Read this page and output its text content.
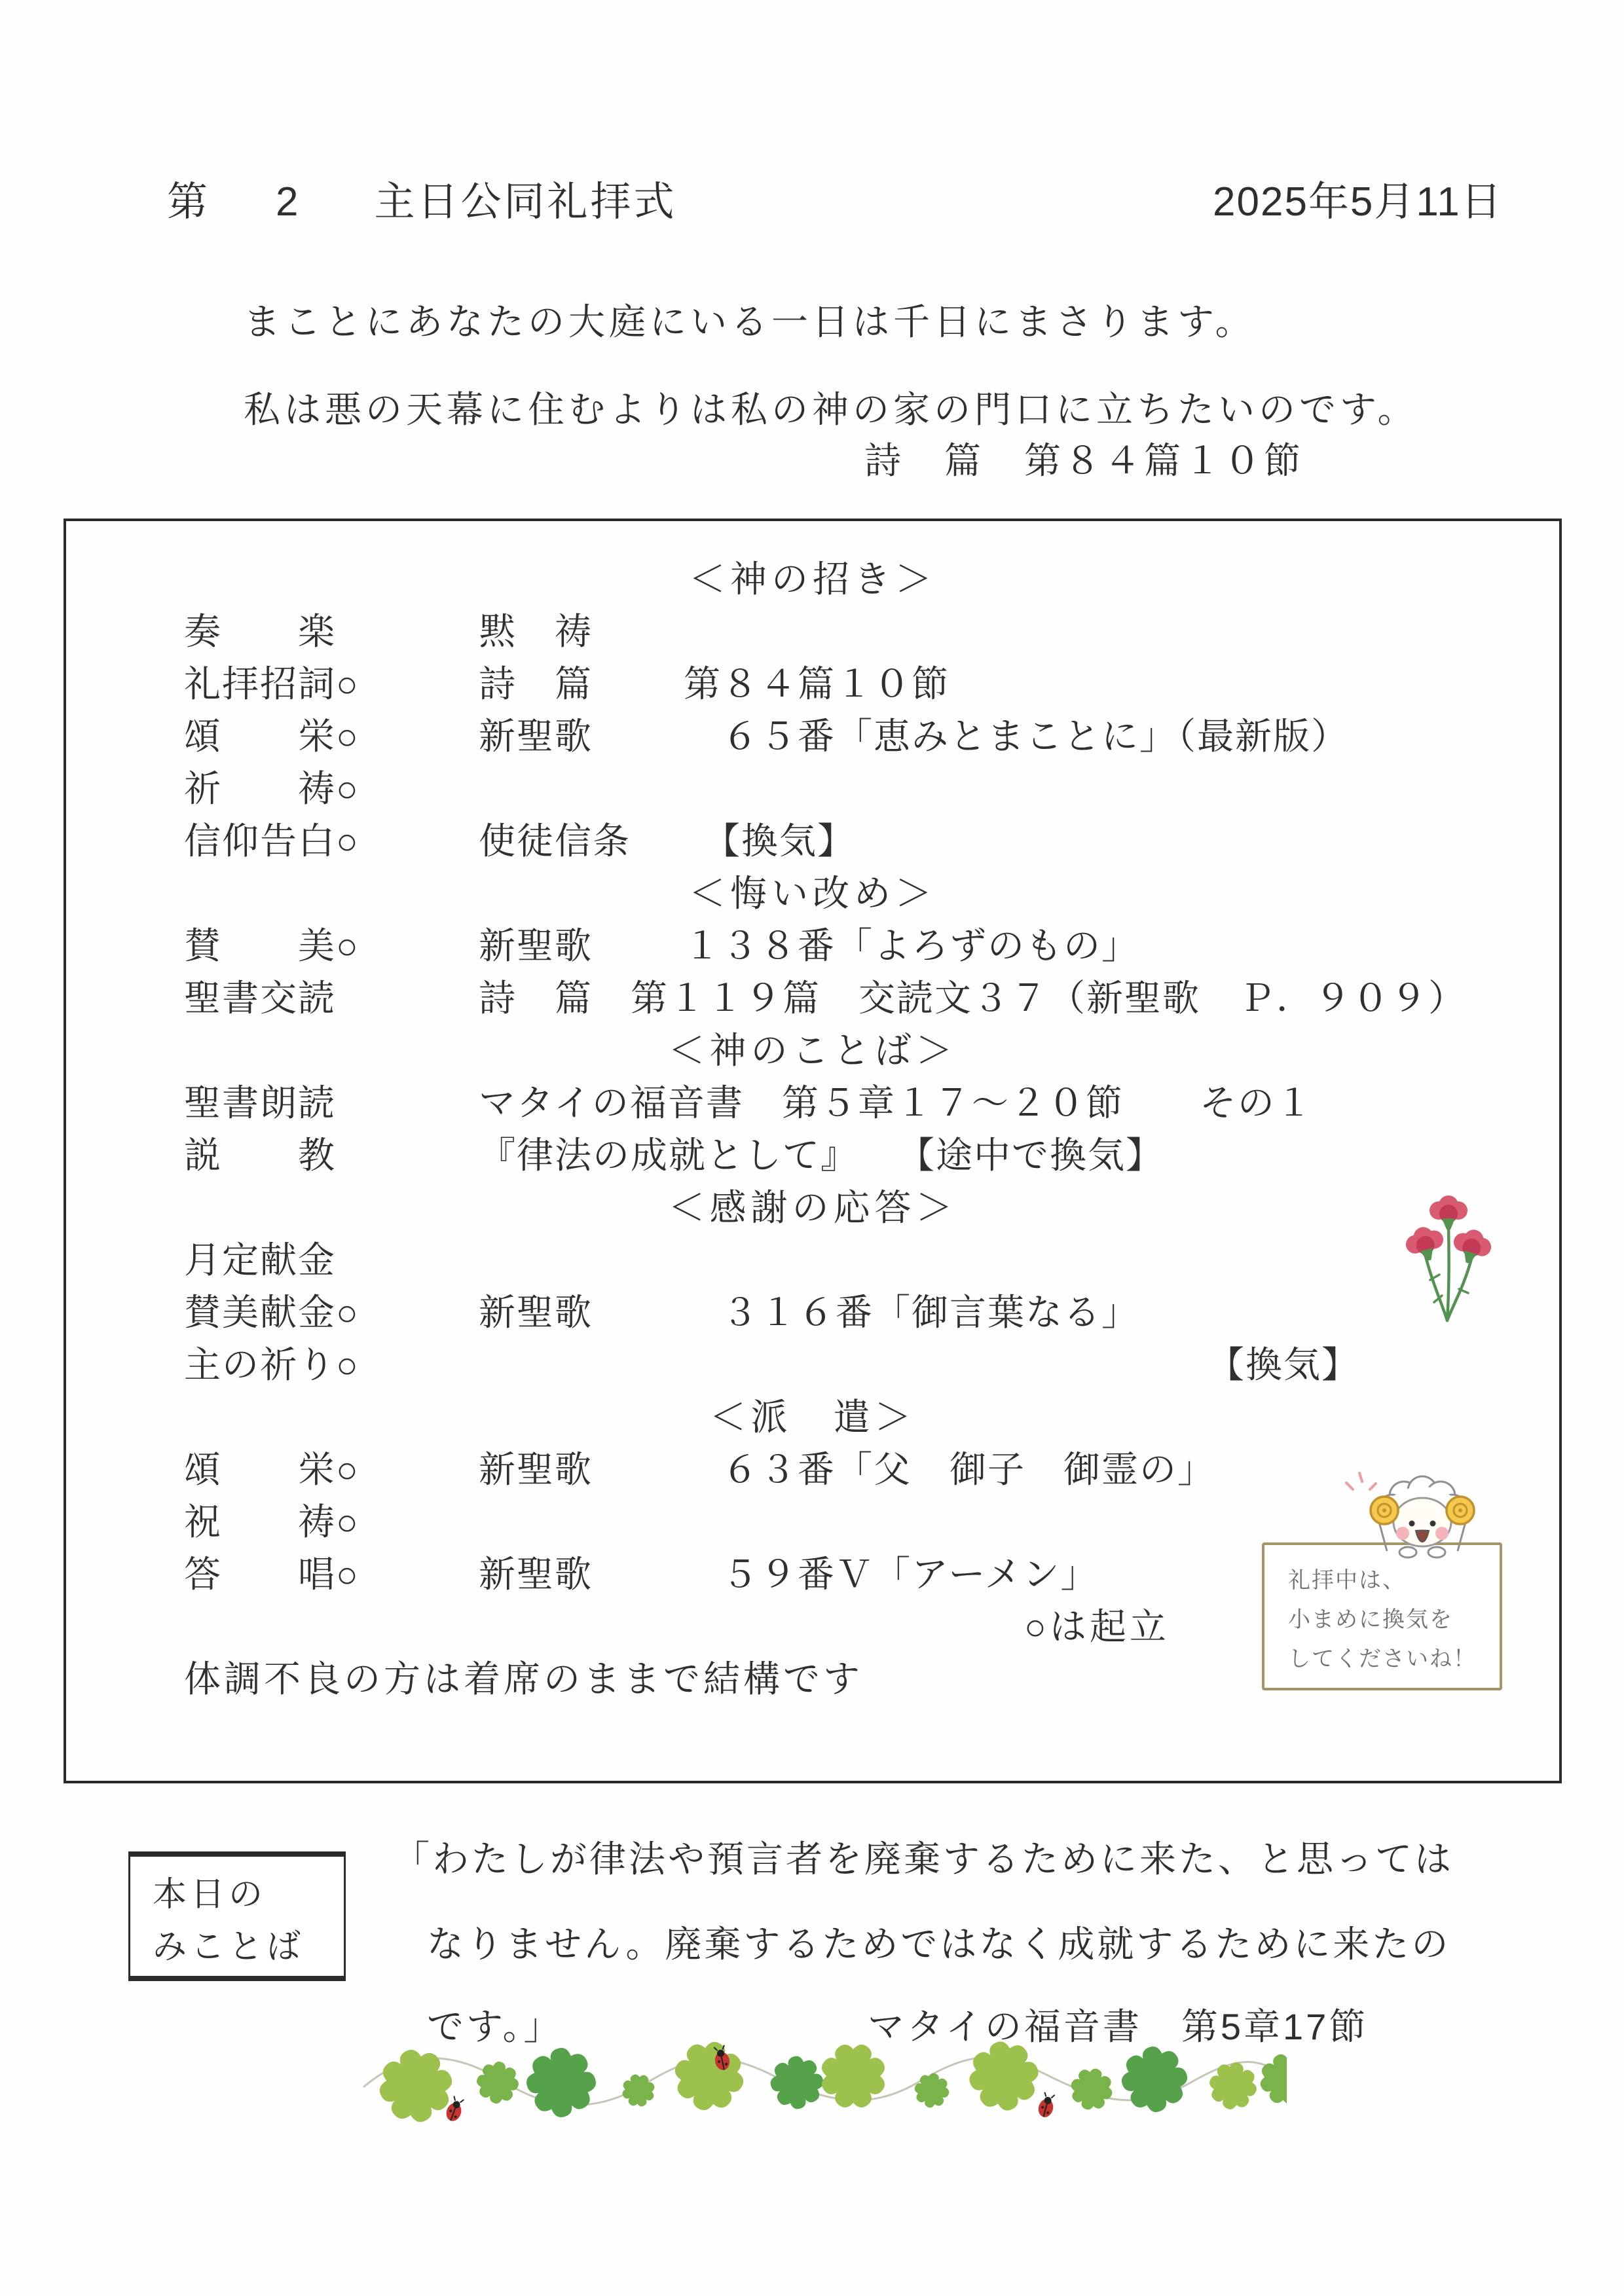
第 2 主日公同礼拝式	2025年5月11日
まことにあなたの大庭にいる一日は千日にまさります。
私は悪の天幕に住むよりは私の神の家の門口に立ちたいのです。
詩　篇　第８４篇１０節
＜神の招き＞
奏　　楽	黙　祷
礼拝招詞○	詩　篇 第８４篇１０節
頌　　栄○	新聖歌 　６５番「恵みとまことに」（最新版）
祈　　祷○
信仰告白○	使徒信条 　【換気】
＜悔い改め＞
賛　　美○	新聖歌 １３８番「よろずのもの」
聖書交読	詩　篇　第１１９篇　交読文３７（新聖歌　Ｐ．９０９）
＜神のことば＞
聖書朗読	マタイの福音書　第５章１７～２０節　　その１
説　　教	『律法の成就として』　　【途中で換気】
＜感謝の応答＞
月定献金
賛美献金○	新聖歌 　３１６番「御言葉なる」
主の祈り○	【換気】
＜派　遣＞
頌　　栄○	新聖歌 　６３番「父　御子　御霊の」
祝　　祷○
答　　唱○	新聖歌 　５９番Ｖ「アーメン」
○は起立
体調不良の方は着席のままで結構です
礼拝中は、
小まめに換気を
してくださいね！
本日の
みことば
「わたしが律法や預言者を廃棄するために来た、と思っては
なりません。廃棄するためではなく成就するために来たの
です。」	マタイの福音書　第5章17節
